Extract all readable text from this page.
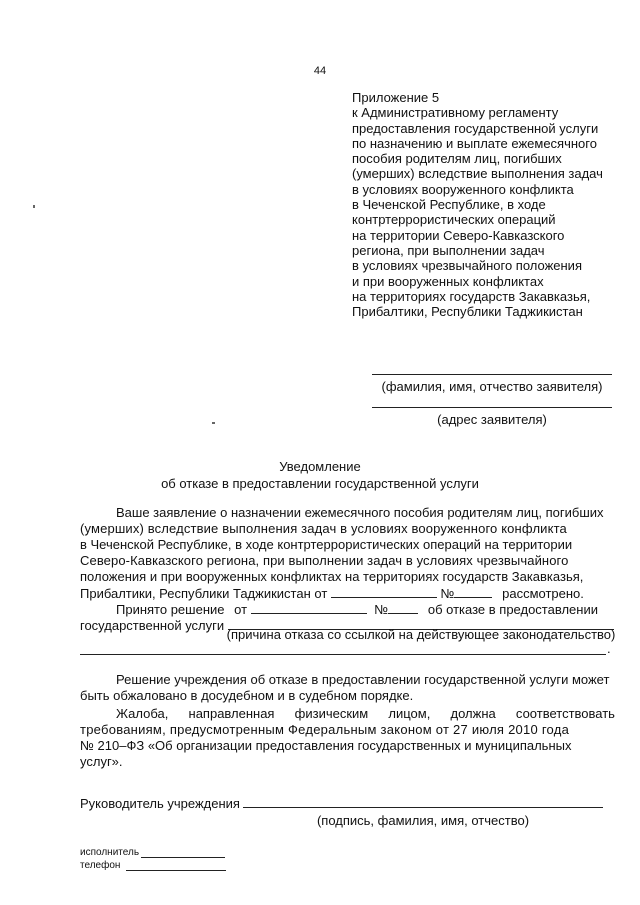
44
Приложение 5
к Административному регламенту
предоставления государственной услуги
по назначению и выплате ежемесячного
пособия родителям лиц, погибших
(умерших) вследствие выполнения задач
в условиях вооруженного конфликта
в Чеченской Республике, в ходе
контртеррористических операций
на территории Северо-Кавказского
региона, при выполнении задач
в условиях чрезвычайного положения
и при вооруженных конфликтах
на территориях государств Закавказья,
Прибалтики, Республики Таджикистан
(фамилия, имя, отчество заявителя)
(адрес заявителя)
Уведомление
об отказе в предоставлении государственной услуги
Ваше заявление о назначении ежемесячного пособия родителям лиц, погибших
(умерших) вследствие выполнения задач в условиях вооруженного конфликта
в Чеченской Республике, в ходе контртеррористических операций на территории
Северо-Кавказского региона, при выполнении задач в условиях чрезвычайного
положения и при вооруженных конфликтах на территориях государств Закавказья,
Прибалтики, Республики Таджикистан от	№	рассмотрено.
Принято решение от	№	об отказе в предоставлении
государственной услуги
(причина отказа со ссылкой на действующее законодательство)
.
Решение учреждения об отказе в предоставлении государственной услуги может
быть обжаловано в досудебном и в судебном порядке.
Жалоба, направленная физическим лицом, должна соответствовать
требованиям, предусмотренным Федеральным законом от 27 июля 2010 года
№ 210–ФЗ «Об организации предоставления государственных и муниципальных
услуг».
Руководитель учреждения
(подпись, фамилия, имя, отчество)
исполнитель
телефон
